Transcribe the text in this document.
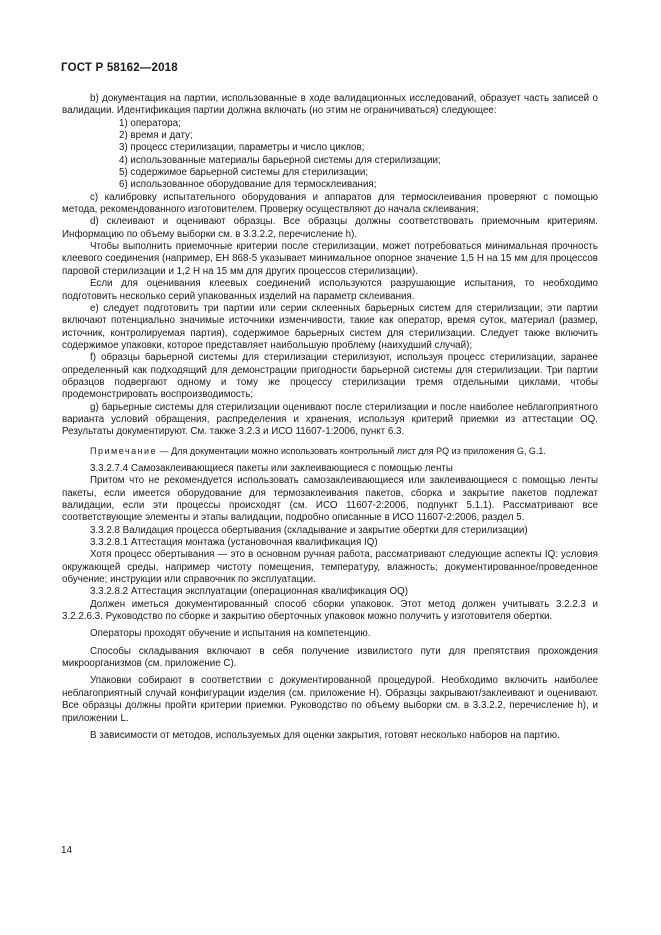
ГОСТ Р 58162—2018

b) документация на партии, использованные в ходе валидационных исследований, образует часть записей о валидации. Идентификация партии должна включать (но этим не ограничиваться) следующее:

1) оператора;

2) время и дату;

3) процесс стерилизации, параметры и число циклов;

4) использованные материалы барьерной системы для стерилизации;

5) содержимое барьерной системы для стерилизации;

6) использованное оборудование для термосклеивания;

c) калибровку испытательного оборудования и аппаратов для термосклеивания проверяют с помощью метода, рекомендованного изготовителем. Проверку осуществляют до начала склеивания;

d) склеивают и оценивают образцы. Все образцы должны соответствовать приемочным критериям. Информацию по объему выборки см. в 3.3.2.2, перечисление h).

Чтобы выполнить приемочные критерии после стерилизации, может потребоваться минимальная прочность клеевого соединения (например, ЕН 868-5 указывает минимальное опорное значение 1,5 Н на 15 мм для процессов паровой стерилизации и 1,2 Н на 15 мм для других процессов стерилизации).

Если для оценивания клеевых соединений используются разрушающие испытания, то необходимо подготовить несколько серий упакованных изделий на параметр склеивания.

e) следует подготовить три партии или серии склеенных барьерных систем для стерилизации; эти партии включают потенциально значимые источники изменчивости, такие как оператор, время суток, материал (размер, источник, контролируемая партия), содержимое барьерных систем для стерилизации. Следует также включить содержимое упаковки, которое представляет наибольшую проблему (наихудший случай);

f) образцы барьерной системы для стерилизации стерилизуют, используя процесс стерилизации, заранее определенный как подходящий для демонстрации пригодности барьерной системы для стерилизации. Три партии образцов подвергают одному и тому же процессу стерилизации тремя отдельными циклами, чтобы продемонстрировать воспроизводимость;

g) барьерные системы для стерилизации оценивают после стерилизации и после наиболее неблагоприятного варианта условий обращения, распределения и хранения, используя критерий приемки из аттестации OQ. Результаты документируют. См. также 3.2.3 и ИСО 11607-1:2006, пункт 6.3.

Примечание — Для документации можно использовать контрольный лист для PQ из приложения G, G.1.

3.3.2.7.4 Самозаклеивающиеся пакеты или заклеивающиеся с помощью ленты

Притом что не рекомендуется использовать самозаклеивающиеся или заклеивающиеся с помощью ленты пакеты, если имеется оборудование для термозаклеивания пакетов, сборка и закрытие пакетов подлежат валидации, если эти процессы происходят (см. ИСО 11607-2:2006, подпункт 5.1.1). Рассматривают все соответствующие элементы и этапы валидации, подробно описанные в ИСО 11607-2:2006, раздел 5.

3.3.2.8 Валидация процесса обертывания (складывание и закрытие обертки для стерилизации)

3.3.2.8.1 Аттестация монтажа (установочная квалификация IQ)

Хотя процесс обертывания — это в основном ручная работа, рассматривают следующие аспекты IQ: условия окружающей среды, например чистоту помещения, температуру, влажность; документированное/проведенное обучение; инструкции или справочник по эксплуатации.

3.3.2.8.2 Аттестация эксплуатации (операционная квалификация OQ)

Должен иметься документированный способ сборки упаковок. Этот метод должен учитывать 3.2.2.3 и 3.2.2.6.3. Руководство по сборке и закрытию оберточных упаковок можно получить у изготовителя обертки.

Операторы проходят обучение и испытания на компетенцию.

Способы складывания включают в себя получение извилистого пути для препятствия прохождения микроорганизмов (см. приложение C).

Упаковки собирают в соответствии с документированной процедурой. Необходимо включить наиболее неблагоприятный случай конфигурации изделия (см. приложение H). Образцы закрывают/заклеивают и оценивают. Все образцы должны пройти критерии приемки. Руководство по объему выборки см. в 3.3.2.2, перечисление h), и приложении L.

В зависимости от методов, используемых для оценки закрытия, готовят несколько наборов на партию.

14
